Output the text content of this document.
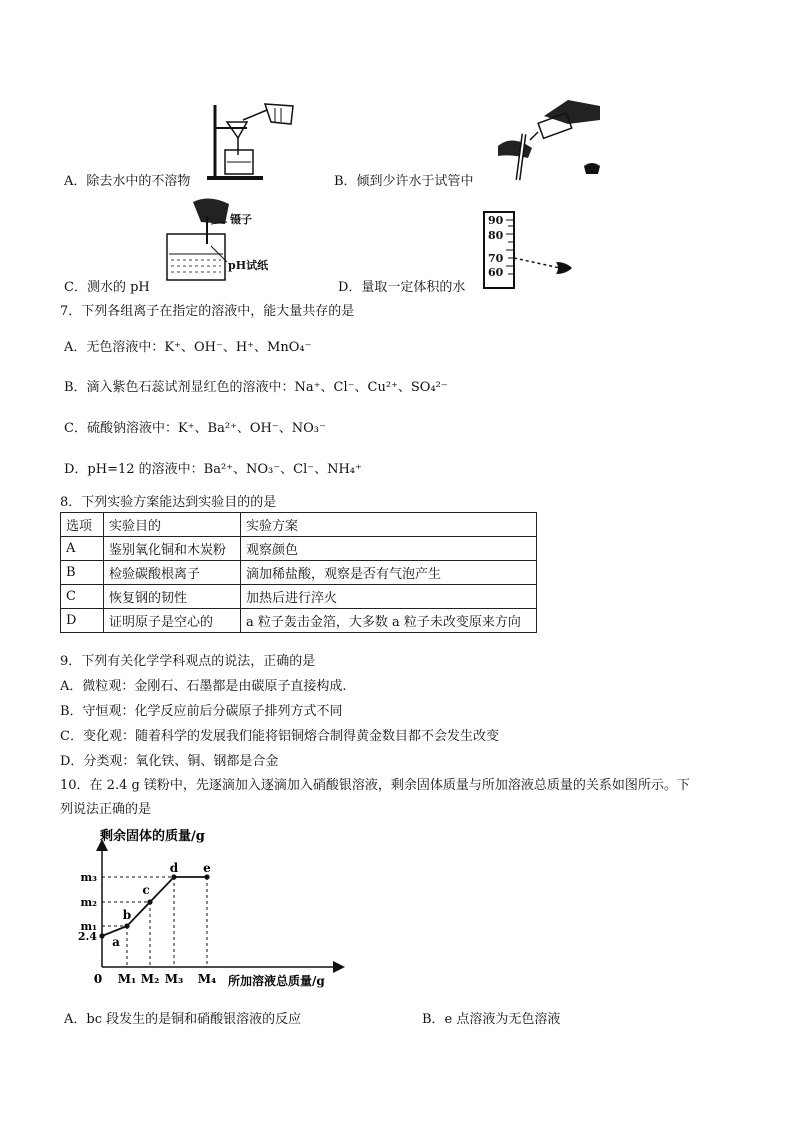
A．除去水中的不溶物	B．倾到少许水于试管中
镊子
pH试纸
C．测水的 pH
90
80
70
60
D．量取一定体积的水
7．下列各组离子在指定的溶液中，能大量共存的是
A．无色溶液中：K⁺、OH⁻、H⁺、MnO₄⁻
B．滴入紫色石蕊试剂显红色的溶液中：Na⁺、Cl⁻、Cu²⁺、SO₄²⁻
C．硫酸钠溶液中：K⁺、Ba²⁺、OH⁻、NO₃⁻
D．pH=12 的溶液中：Ba²⁺、NO₃⁻、Cl⁻、NH₄⁺
8．下列实验方案能达到实验目的的是
选项	实验目的	实验方案
A	鉴别氧化铜和木炭粉	观察颜色
B	检验碳酸根离子	滴加稀盐酸，观察是否有气泡产生
C	恢复钢的韧性	加热后进行淬火
D	证明原子是空心的	a 粒子轰击金箔，大多数 a 粒子未改变原来方向
9．下列有关化学学科观点的说法，正确的是
A．微粒观：金刚石、石墨都是由碳原子直接构成.
B．守恒观：化学反应前后分碳原子排列方式不同
C．变化观：随着科学的发展我们能将铝铜熔合制得黄金数目都不会发生改变
D．分类观：氧化铁、铜、钢都是合金
10．在 2.4 g 镁粉中，先逐滴加入逐滴加入硝酸银溶液，剩余固体质量与所加溶液总质量的关系如图所示。下
列说法正确的是
剩余固体的质量/g
所加溶液总质量/g
a
b
c
d e
0 M₁ M₂ M₃ M₄
2.4
m₁
m₂
m₃
A．bc 段发生的是铜和硝酸银溶液的反应	B．e 点溶液为无色溶液
